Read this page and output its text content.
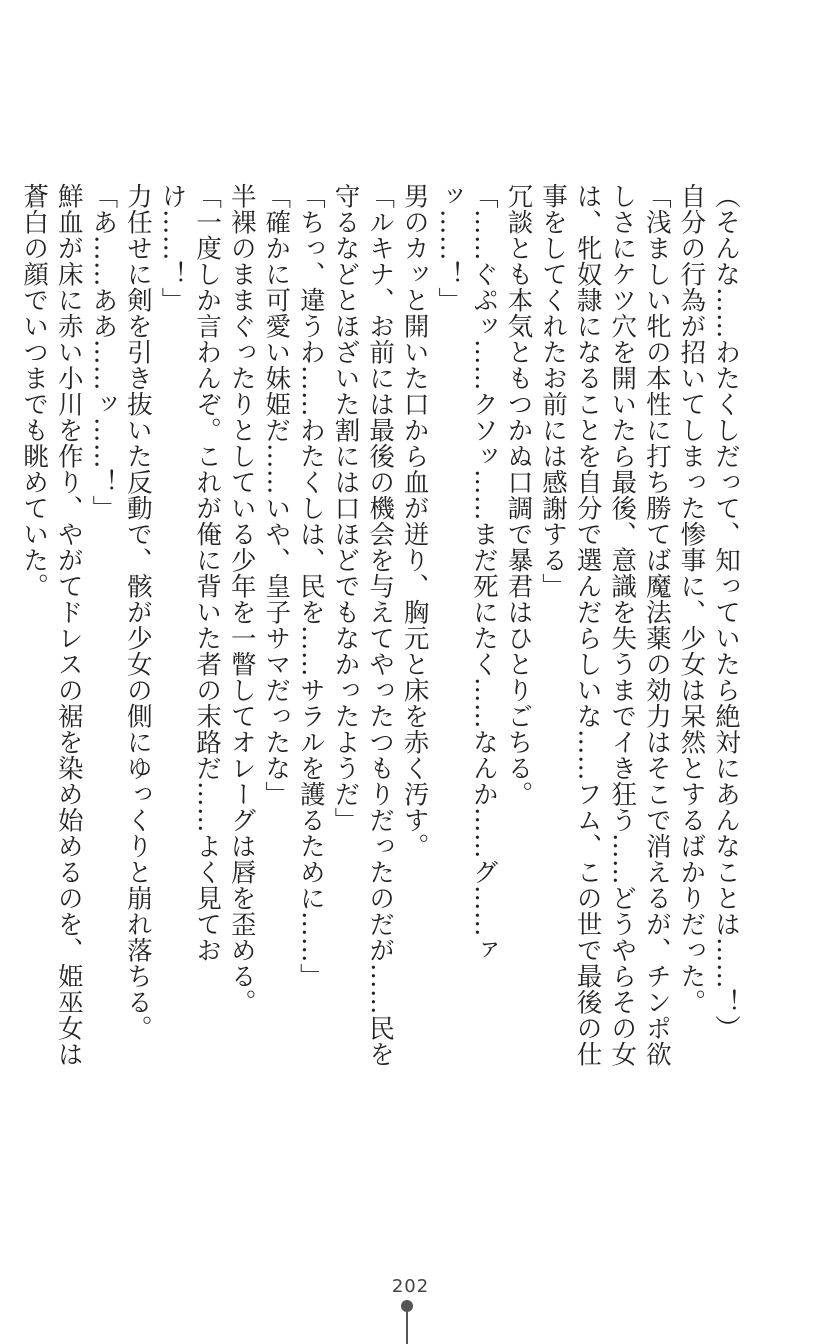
（そんな……わたくしだって、知っていたら絶対にあんなことは……！）

自分の行為が招いてしまった惨事に、少女は呆然とするばかりだった。

「浅ましい牝の本性に打ち勝てば魔法薬の効力はそこで消えるが、チンポ欲しさにケツ穴を開いたら最後、意識を失うまでイき狂う……どうやらその女は、牝奴隷になることを自分で選んだらしいな……フム、この世で最後の仕事をしてくれたお前には感謝する」

冗談とも本気ともつかぬ口調で暴君はひとりごちる。

「……ぐぷッ……クソッ……まだ死にたく……なんか……グ……ァッ……！」

男のカッと開いた口から血が迸り、胸元と床を赤く汚す。

「ルキナ、お前には最後の機会を与えてやったつもりだったのだが……民を守るなどとほざいた割には口ほどでもなかったようだ」

「ちっ、違うわ……わたくしは、民を……サラルを護るために……」

「確かに可愛い妹姫だ……いや、皇子サマだったな」

半裸のままぐったりとしている少年を一瞥してオレーグは唇を歪める。

「一度しか言わんぞ。これが俺に背いた者の末路だ……よく見ておけ……！」

力任せに剣を引き抜いた反動で、骸が少女の側にゆっくりと崩れ落ちる。

「あ……ああ……ッ……！」

鮮血が床に赤い小川を作り、やがてドレスの裾を染め始めるのを、姫巫女は蒼白の顔でいつまでも眺めていた。

202
